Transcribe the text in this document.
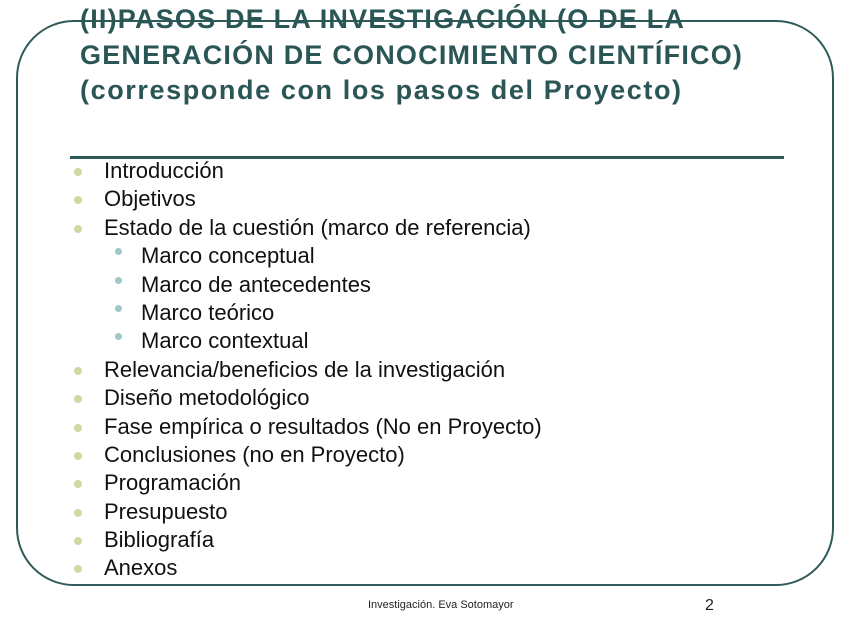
(II)PASOS DE LA INVESTIGACIÓN (O DE LA GENERACIÓN DE CONOCIMIENTO CIENTÍFICO) (corresponde con los pasos del Proyecto)
Introducción
Objetivos
Estado de la cuestión (marco de referencia)
Marco conceptual
Marco de antecedentes
Marco teórico
Marco contextual
Relevancia/beneficios de la investigación
Diseño metodológico
Fase empírica o resultados (No en Proyecto)
Conclusiones (no en Proyecto)
Programación
Presupuesto
Bibliografía
Anexos
Investigación. Eva Sotomayor	2
